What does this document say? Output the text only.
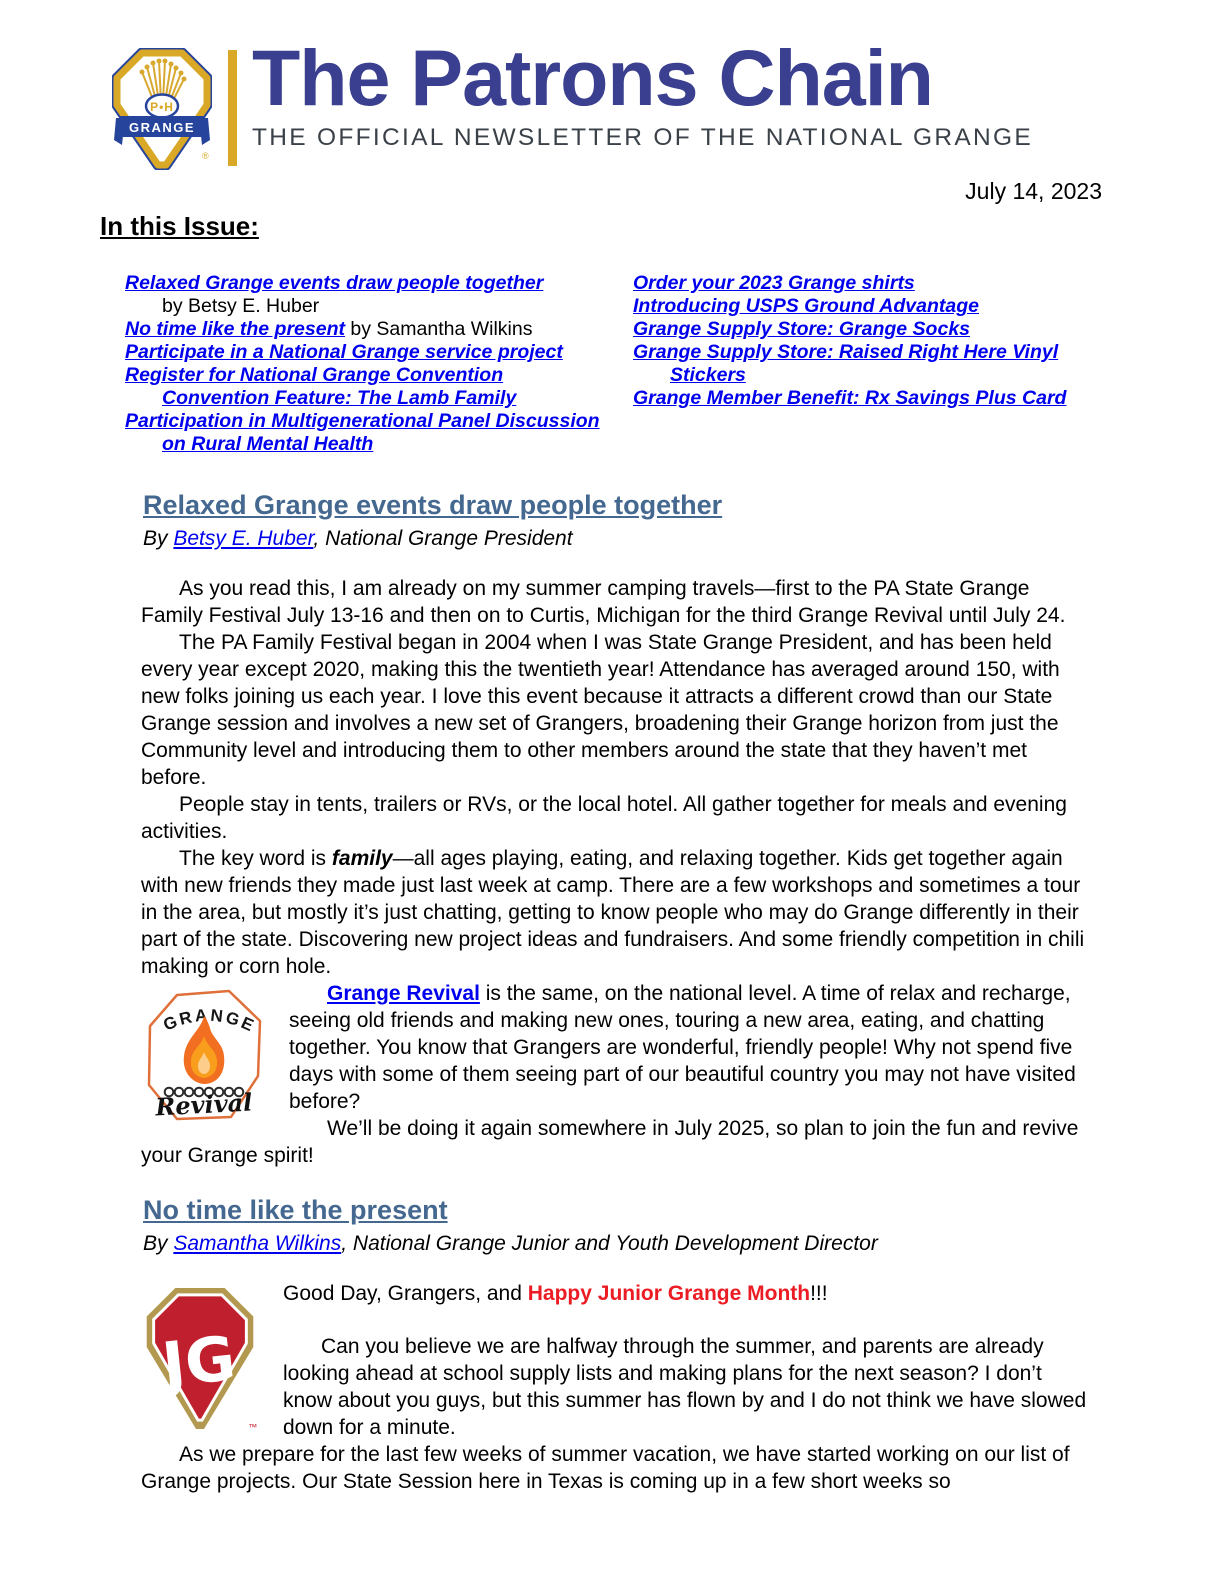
P•H
GRANGE
®
The Patrons Chain
THE OFFICIAL NEWSLETTER OF THE NATIONAL GRANGE
July 14, 2023
In this Issue:
Relaxed Grange events draw people together
by Betsy E. Huber
No time like the present by Samantha Wilkins
Participate in a National Grange service project
Register for National Grange Convention
Convention Feature: The Lamb Family
Participation in Multigenerational Panel Discussion
on Rural Mental Health
Order your 2023 Grange shirts
Introducing USPS Ground Advantage
Grange Supply Store: Grange Socks
Grange Supply Store: Raised Right Here Vinyl
Stickers
Grange Member Benefit: Rx Savings Plus Card
Relaxed Grange events draw people together
By Betsy E. Huber, National Grange President

As you read this, I am already on my summer camping travels—first to the PA State Grange Family Festival July 13-16 and then on to Curtis, Michigan for the third Grange Revival until July 24.

The PA Family Festival began in 2004 when I was State Grange President, and has been held every year except 2020, making this the twentieth year! Attendance has averaged around 150, with new folks joining us each year. I love this event because it attracts a different crowd than our State Grange session and involves a new set of Grangers, broadening their Grange horizon from just the Community level and introducing them to other members around the state that they haven’t met before.

People stay in tents, trailers or RVs, or the local hotel. All gather together for meals and evening activities.

The key word is family—all ages playing, eating, and relaxing together. Kids get together again with new friends they made just last week at camp. There are a few workshops and sometimes a tour in the area, but mostly it’s just chatting, getting to know people who may do Grange differently in their part of the state. Discovering new project ideas and fundraisers. And some friendly competition in chili making or corn hole.

GRANGE
Revival

Grange Revival is the same, on the national level. A time of relax and recharge, seeing old friends and making new ones, touring a new area, eating, and chatting together. You know that Grangers are wonderful, friendly people! Why not spend five days with some of them seeing part of our beautiful country you may not have visited before?

We’ll be doing it again somewhere in July 2025, so plan to join the fun and revive your Grange spirit!

No time like the present
By Samantha Wilkins, National Grange Junior and Youth Development Director
JG
™

Good Day, Grangers, and Happy Junior Grange Month!!!

Can you believe we are halfway through the summer, and parents are already looking ahead at school supply lists and making plans for the next season? I don’t know about you guys, but this summer has flown by and I do not think we have slowed down for a minute.

As we prepare for the last few weeks of summer vacation, we have started working on our list of Grange projects. Our State Session here in Texas is coming up in a few short weeks so
